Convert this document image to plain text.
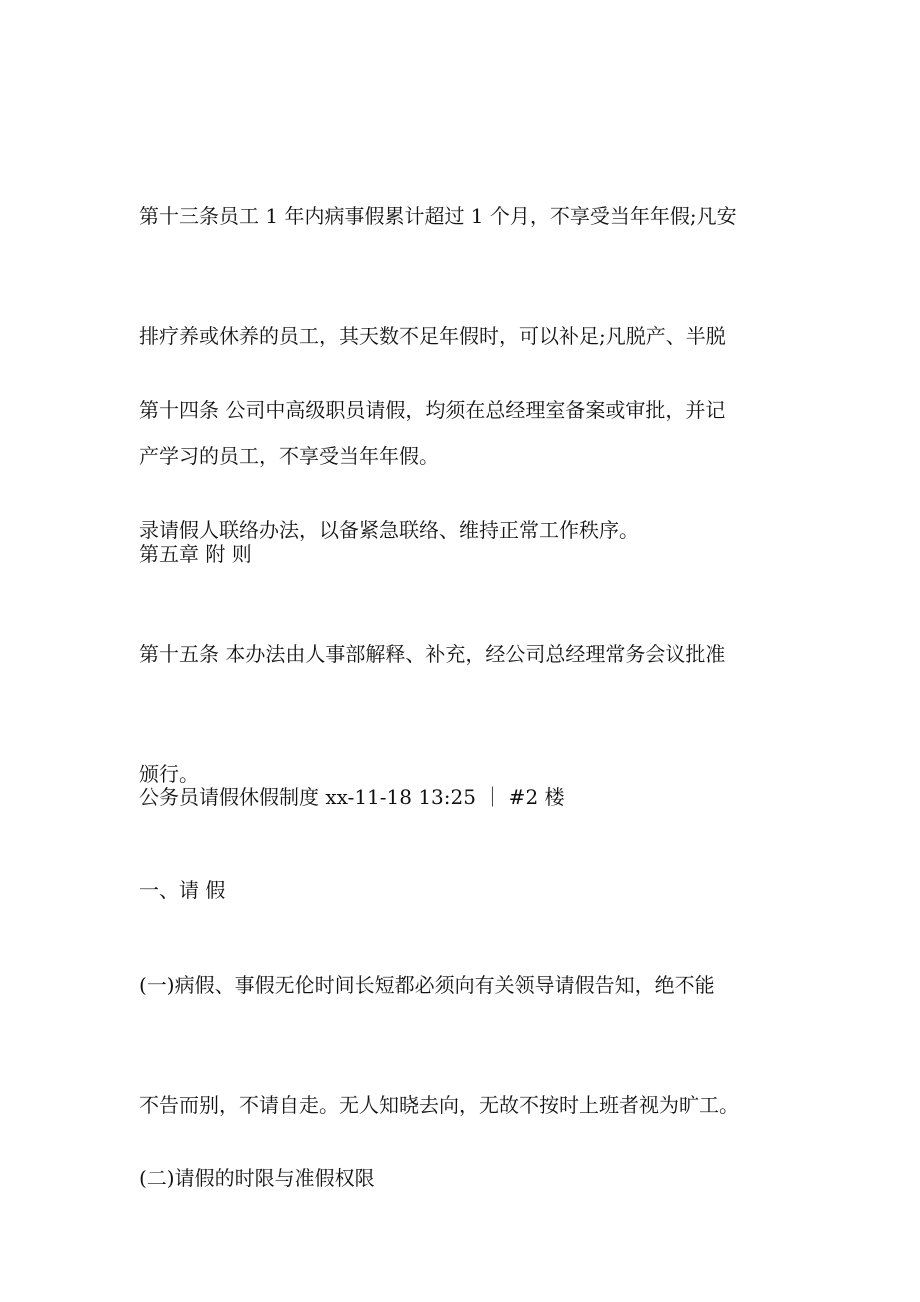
第十三条员工 1 年内病事假累计超过 1 个月，不享受当年年假;凡安

排疗养或休养的员工，其天数不足年假时，可以补足;凡脱产、半脱

产学习的员工，不享受当年年假。

第十四条 公司中高级职员请假，均须在总经理室备案或审批，并记

录请假人联络办法，以备紧急联络、维持正常工作秩序。

第五章 附 则

第十五条 本办法由人事部解释、补充，经公司总经理常务会议批准

颁行。

公务员请假休假制度 xx-11-18 13:25 ｜ #2 楼

一、请 假

(一)病假、事假无伦时间长短都必须向有关领导请假告知，绝不能

不告而别，不请自走。无人知晓去向，无故不按时上班者视为旷工。

(二)请假的时限与准假权限
